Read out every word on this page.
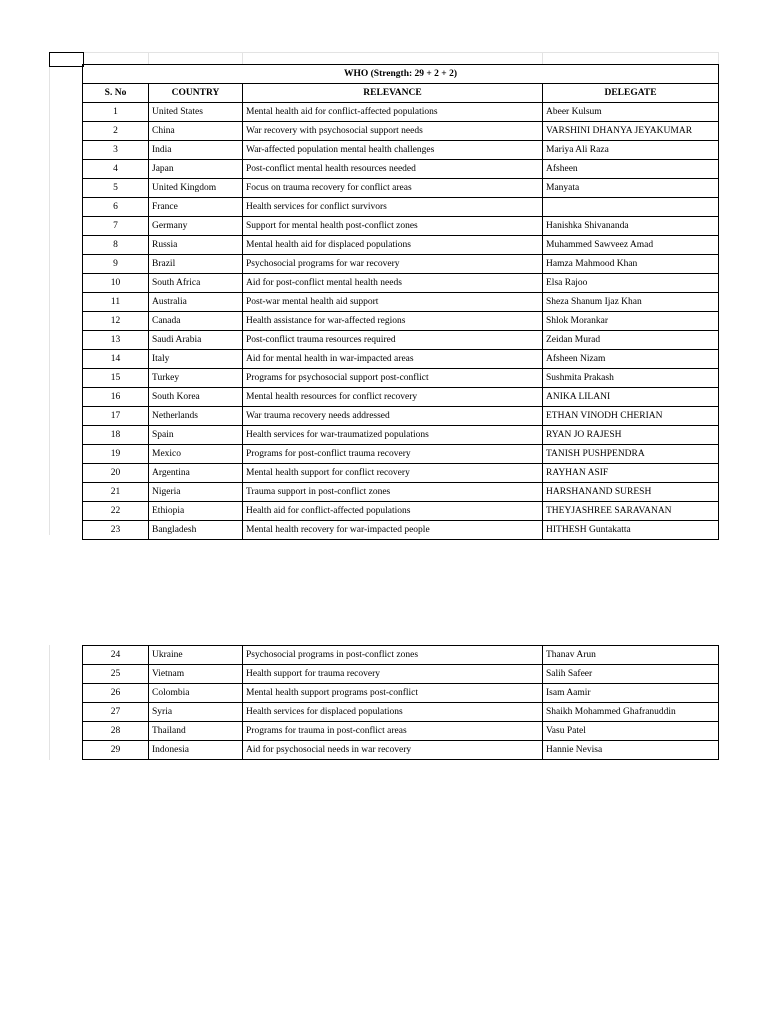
WHO (Strength: 29 + 2 + 2)			
S. No	COUNTRY	RELEVANCE	DELEGATE
1	United States	Mental health aid for conflict-affected populations	Abeer Kulsum
2	China	War recovery with psychosocial support needs	VARSHINI DHANYA JEYAKUMAR
3	India	War-affected population mental health challenges	Mariya Ali Raza
4	Japan	Post-conflict mental health resources needed	Afsheen
5	United Kingdom	Focus on trauma recovery for conflict areas	Manyata
6	France	Health services for conflict survivors	
7	Germany	Support for mental health post-conflict zones	Hanishka Shivananda
8	Russia	Mental health aid for displaced populations	Muhammed Sawveez Amad
9	Brazil	Psychosocial programs for war recovery	Hamza Mahmood Khan
10	South Africa	Aid for post-conflict mental health needs	Elsa Rajoo
11	Australia	Post-war mental health aid support	Sheza Shanum Ijaz Khan
12	Canada	Health assistance for war-affected regions	Shlok Morankar
13	Saudi Arabia	Post-conflict trauma resources required	Zeidan Murad
14	Italy	Aid for mental health in war-impacted areas	Afsheen Nizam
15	Turkey	Programs for psychosocial support post-conflict	Sushmita Prakash
16	South Korea	Mental health resources for conflict recovery	ANIKA LILANI
17	Netherlands	War trauma recovery needs addressed	ETHAN VINODH CHERIAN
18	Spain	Health services for war-traumatized populations	RYAN JO RAJESH
19	Mexico	Programs for post-conflict trauma recovery	TANISH PUSHPENDRA
20	Argentina	Mental health support for conflict recovery	RAYHAN ASIF
21	Nigeria	Trauma support in post-conflict zones	HARSHANAND SURESH
22	Ethiopia	Health aid for conflict-affected populations	THEYJASHREE SARAVANAN
23	Bangladesh	Mental health recovery for war-impacted people	HITHESH Guntakatta
24	Ukraine	Psychosocial programs in post-conflict zones	Thanav Arun
25	Vietnam	Health support for trauma recovery	Salih Safeer
26	Colombia	Mental health support programs post-conflict	Isam Aamir
27	Syria	Health services for displaced populations	Shaikh Mohammed Ghafranuddin
28	Thailand	Programs for trauma in post-conflict areas	Vasu Patel
29	Indonesia	Aid for psychosocial needs in war recovery	Hannie Nevisa
